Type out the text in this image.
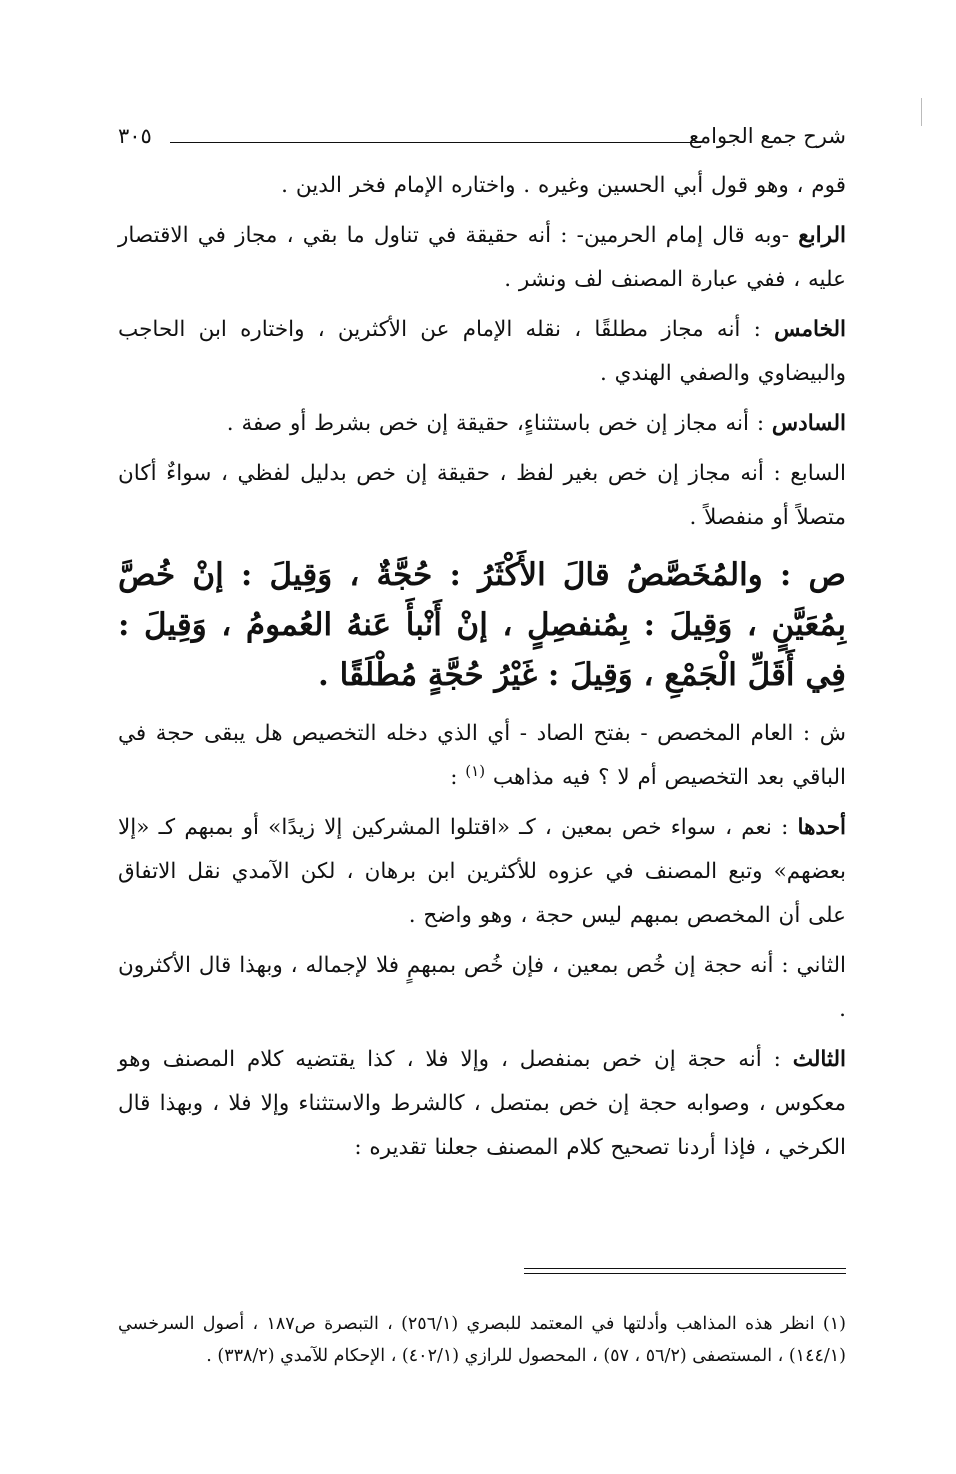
شرح جمع الجوامع
٣٠٥

قوم ، وهو قول أبي الحسين وغيره . واختاره الإمام فخر الدين .

الرابع -وبه قال إمام الحرمين- : أنه حقيقة في تناول ما بقي ، مجاز في الاقتصار عليه ، ففي عبارة المصنف لف ونشر .

الخامس : أنه مجاز مطلقًا ، نقله الإمام عن الأكثرين ، واختاره ابن الحاجب والبيضاوي والصفي الهندي .

السادس : أنه مجاز إن خص باستثناءٍ، حقيقة إن خص بشرط أو صفة .

السابع : أنه مجاز إن خص بغير لفظ ، حقيقة إن خص بدليل لفظي ، سواءٌ أكان متصلاً أو منفصلاً .

ص : والمُخَصَّصُ قالَ الأَكْثَرُ : حُجَّةٌ ، وَقِيلَ : إنْ خُصَّ بِمُعَيَّنٍ ، وَقِيلَ : بِمُنفصِلٍ ، إنْ أَنْبأَ عَنهُ العُمومُ ، وَقِيلَ : فِي أَقَلِّ الْجَمْعِ ، وَقِيلَ : غَيْرُ حُجَّةٍ مُطْلَقًا .

ش : العام المخصص - بفتح الصاد - أي الذي دخله التخصيص هل يبقى حجة في الباقي بعد التخصيص أم لا ؟ فيه مذاهب $^{(١)}$ :

أحدها : نعم ، سواء خص بمعين ، كـ «اقتلوا المشركين إلا زيدًا» أو بمبهم كـ «إلا بعضهم» وتبع المصنف في عزوه للأكثرين ابن برهان ، لكن الآمدي نقل الاتفاق على أن المخصص بمبهم ليس حجة ، وهو واضح .

الثاني : أنه حجة إن خُص بمعين ، فإن خُص بمبهمٍ فلا لإجماله ، وبهذا قال الأكثرون .

الثالث : أنه حجة إن خص بمنفصل ، وإلا فلا ، كذا يقتضيه كلام المصنف وهو معكوس ، وصوابه حجة إن خص بمتصل ، كالشرط والاستثناء وإلا فلا ، وبهذا قال الكرخي ، فإذا أردنا تصحيح كلام المصنف جعلنا تقديره :

(١) انظر هذه المذاهب وأدلتها في المعتمد للبصري (٢٥٦/١) ، التبصرة ص١٨٧ ، أصول السرخسي (١٤٤/١) ، المستصفى (٥٦/٢ ، ٥٧) ، المحصول للرازي (٤٠٢/١) ، الإحكام للآمدي (٣٣٨/٢) .
